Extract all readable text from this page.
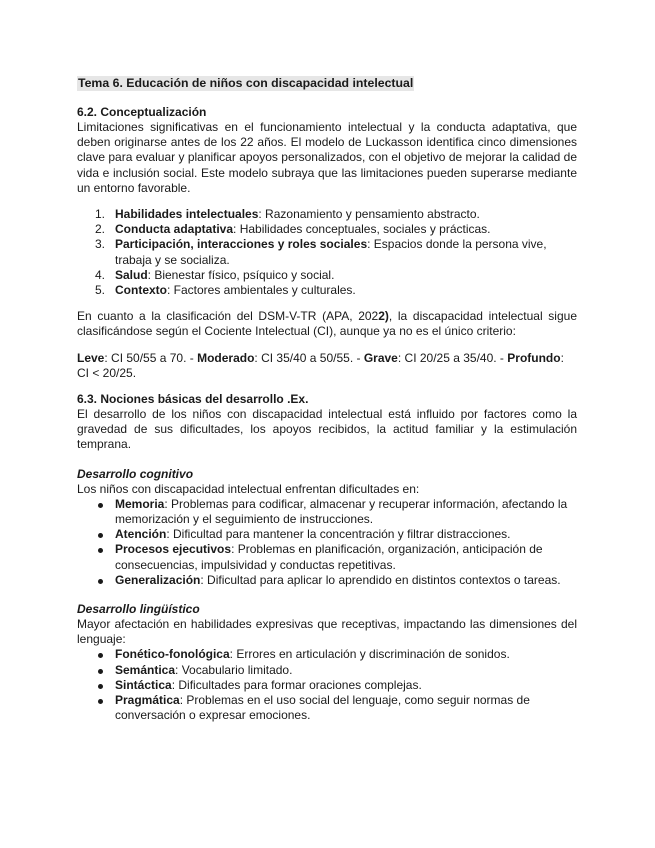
Tema 6. Educación de niños con discapacidad intelectual

6.2. Conceptualización

Limitaciones significativas en el funcionamiento intelectual y la conducta adaptativa, que deben originarse antes de los 22 años. El modelo de Luckasson identifica cinco dimensiones clave para evaluar y planificar apoyos personalizados, con el objetivo de mejorar la calidad de vida e inclusión social. Este modelo subraya que las limitaciones pueden superarse mediante un entorno favorable.

1. Habilidades intelectuales: Razonamiento y pensamiento abstracto.
2. Conducta adaptativa: Habilidades conceptuales, sociales y prácticas.
3. Participación, interacciones y roles sociales: Espacios donde la persona vive, trabaja y se socializa.
4. Salud: Bienestar físico, psíquico y social.
5. Contexto: Factores ambientales y culturales.

En cuanto a la clasificación del DSM-V-TR (APA, 2022), la discapacidad intelectual sigue clasificándose según el Cociente Intelectual (CI), aunque ya no es el único criterio:

Leve: CI 50/55 a 70. - Moderado: CI 35/40 a 50/55. - Grave: CI 20/25 a 35/40. - Profundo: CI < 20/25.

6.3. Nociones básicas del desarrollo .Ex.

El desarrollo de los niños con discapacidad intelectual está influido por factores como la gravedad de sus dificultades, los apoyos recibidos, la actitud familiar y la estimulación temprana.

Desarrollo cognitivo

Los niños con discapacidad intelectual enfrentan dificultades en:

Memoria: Problemas para codificar, almacenar y recuperar información, afectando la memorización y el seguimiento de instrucciones.
Atención: Dificultad para mantener la concentración y filtrar distracciones.
Procesos ejecutivos: Problemas en planificación, organización, anticipación de consecuencias, impulsividad y conductas repetitivas.
Generalización: Dificultad para aplicar lo aprendido en distintos contextos o tareas.

Desarrollo lingüístico

Mayor afectación en habilidades expresivas que receptivas, impactando las dimensiones del lenguaje:

Fonético-fonológica: Errores en articulación y discriminación de sonidos.
Semántica: Vocabulario limitado.
Sintáctica: Dificultades para formar oraciones complejas.
Pragmática: Problemas en el uso social del lenguaje, como seguir normas de conversación o expresar emociones.
